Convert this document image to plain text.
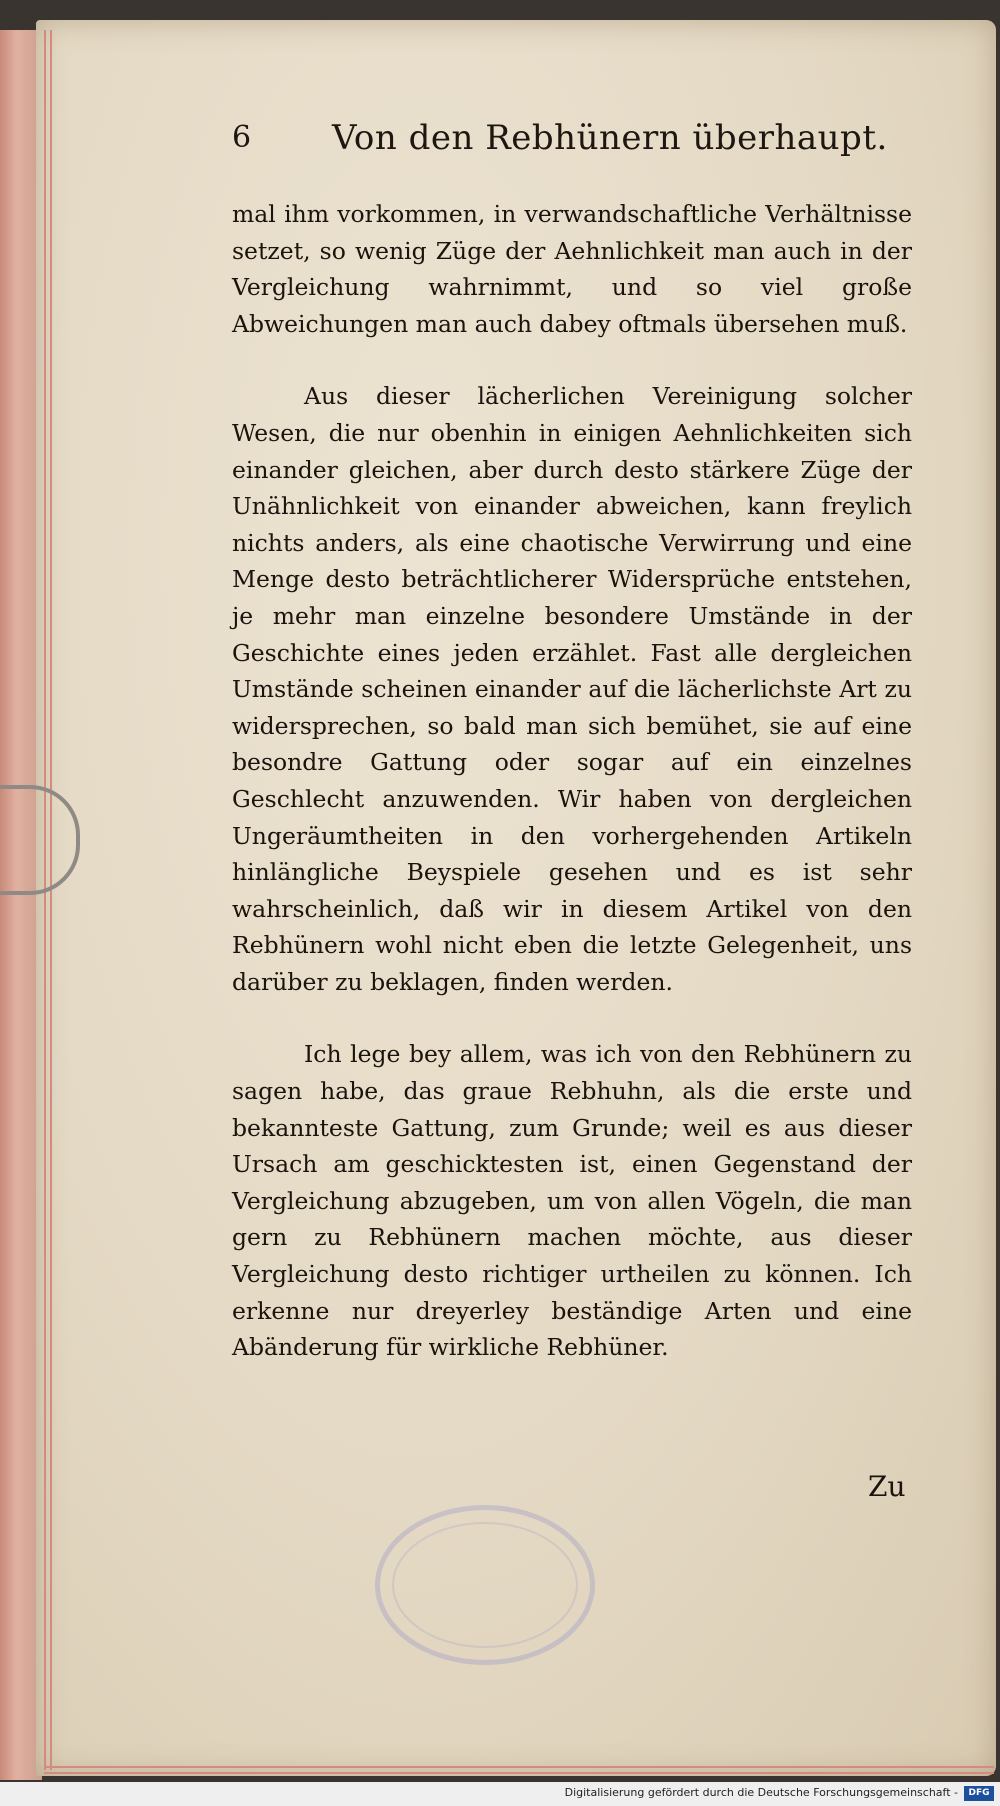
6 Von den Rebhünern überhaupt.

mal ihm vorkommen, in verwandschaftliche Verhältnisse setzet, so wenig Züge der Aehnlichkeit man auch in der Vergleichung wahrnimmt, und so viel große Abweichungen man auch dabey oftmals übersehen muß.

Aus dieser lächerlichen Vereinigung solcher Wesen, die nur obenhin in einigen Aehnlichkeiten sich einander gleichen, aber durch desto stärkere Züge der Unähnlichkeit von einander abweichen, kann freylich nichts anders, als eine chaotische Verwirrung und eine Menge desto beträchtlicherer Widersprüche entstehen, je mehr man einzelne besondere Umstände in der Geschichte eines jeden erzählet. Fast alle dergleichen Umstände scheinen einander auf die lächerlichste Art zu widersprechen, so bald man sich bemühet, sie auf eine besondre Gattung oder sogar auf ein einzelnes Geschlecht anzuwenden. Wir haben von dergleichen Ungeräumtheiten in den vorhergehenden Artikeln hinlängliche Beyspiele gesehen und es ist sehr wahrscheinlich, daß wir in diesem Artikel von den Rebhünern wohl nicht eben die letzte Gelegenheit, uns darüber zu beklagen, finden werden.

Ich lege bey allem, was ich von den Rebhünern zu sagen habe, das graue Rebhuhn, als die erste und bekannteste Gattung, zum Grunde; weil es aus dieser Ursach am geschicktesten ist, einen Gegenstand der Vergleichung abzugeben, um von allen Vögeln, die man gern zu Rebhünern machen möchte, aus dieser Vergleichung desto richtiger urtheilen zu können. Ich erkenne nur dreyerley beständige Arten und eine Abänderung für wirkliche Rebhüner.

Zu
Digitalisierung gefördert durch die Deutsche Forschungsgemeinschaft -	DFG
